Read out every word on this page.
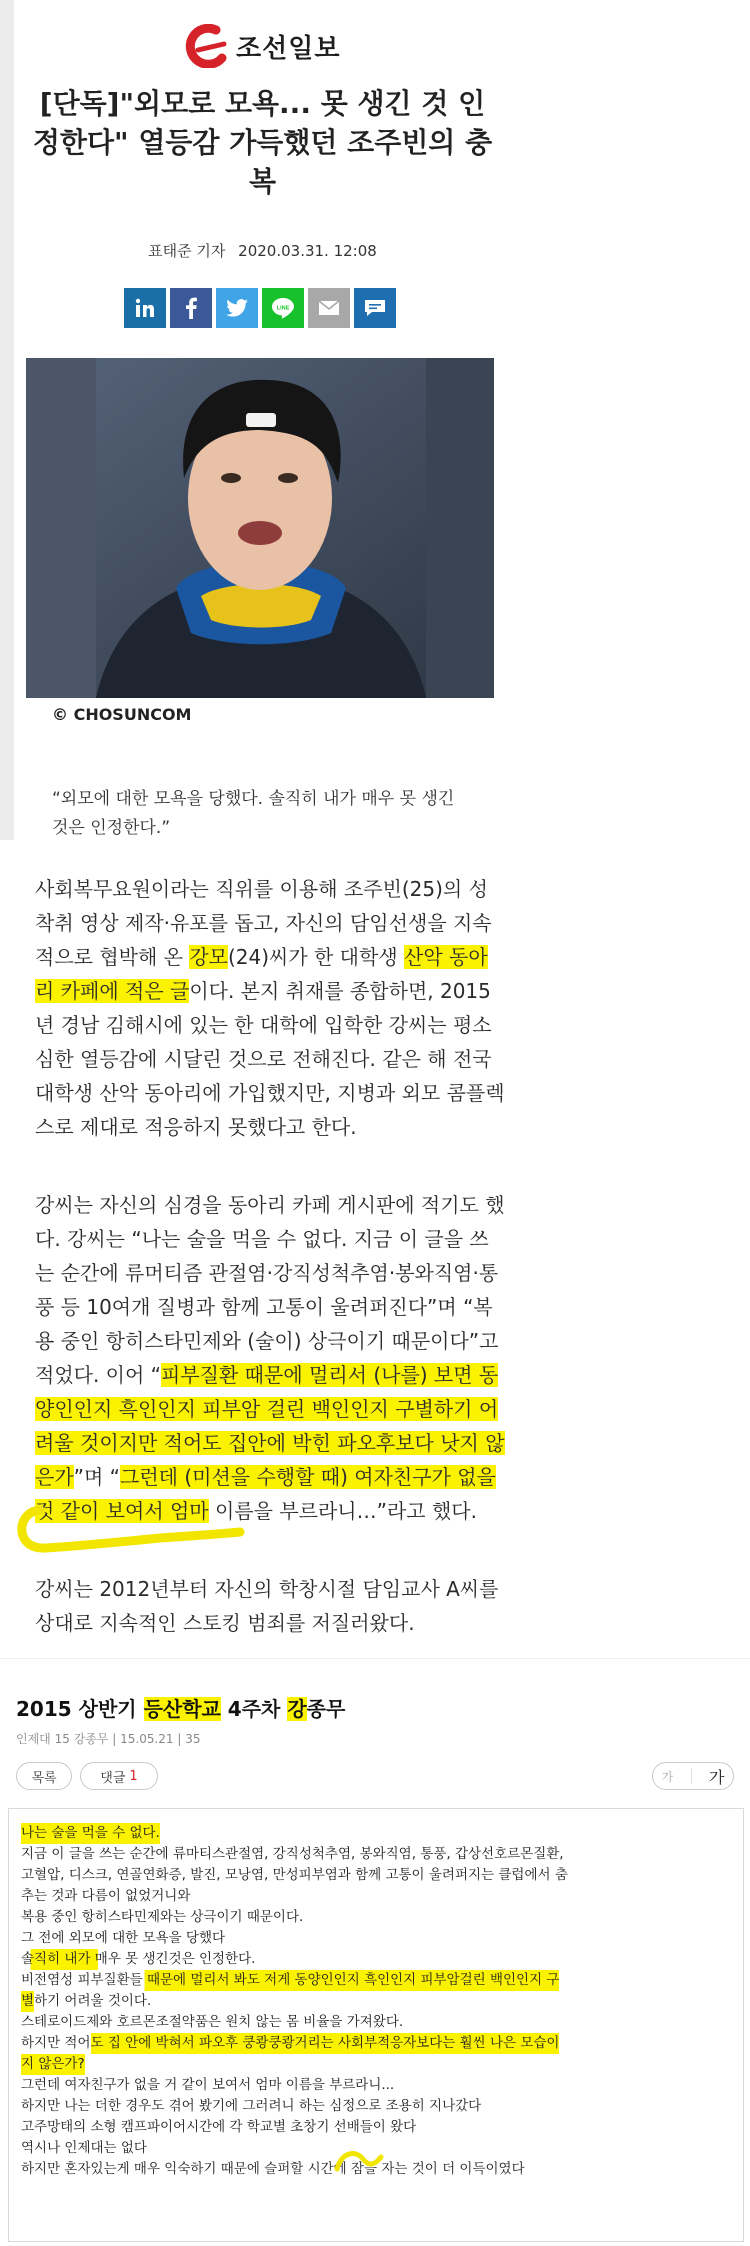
조선일보
[단독]"외모로 모욕... 못 생긴 것 인정한다" 열등감 가득했던 조주빈의 충복
표태준 기자 2020.03.31. 12:08
LINE
© CHOSUNCOM
“외모에 대한 모욕을 당했다. 솔직히 내가 매우 못 생긴 것은 인정한다.”
사회복무요원이라는 직위를 이용해 조주빈(25)의 성 착취 영상 제작·유포를 돕고, 자신의 담임선생을 지속적으로 협박해 온 강모(24)씨가 한 대학생 산악 동아리 카페에 적은 글이다. 본지 취재를 종합하면, 2015년 경남 김해시에 있는 한 대학에 입학한 강씨는 평소 심한 열등감에 시달린 것으로 전해진다. 같은 해 전국 대학생 산악 동아리에 가입했지만, 지병과 외모 콤플렉스로 제대로 적응하지 못했다고 한다.
강씨는 자신의 심경을 동아리 카페 게시판에 적기도 했다. 강씨는 “나는 술을 먹을 수 없다. 지금 이 글을 쓰는 순간에 류머티즘 관절염·강직성척추염·봉와직염·통풍 등 10여개 질병과 함께 고통이 울려퍼진다”며 “복용 중인 항히스타민제와 (술이) 상극이기 때문이다”고 적었다. 이어 “피부질환 때문에 멀리서 (나를) 보면 동양인인지 흑인인지 피부암 걸린 백인인지 구별하기 어려울 것이지만 적어도 집안에 박힌 파오후보다 낫지 않은가”며 “그런데 (미션을 수행할 때) 여자친구가 없을 것 같이 보여서 엄마 이름을 부르라니…”라고 했다.
강씨는 2012년부터 자신의 학창시절 담임교사 A씨를 상대로 지속적인 스토킹 범죄를 저질러왔다.
2015 상반기 등산학교 4주차 강종무
인제대 15 강종무 | 15.05.21 | 35
목록	댓글 1	가 가
나는 술을 먹을 수 없다.
지금 이 글을 쓰는 순간에 류마티스관절염, 강직성척추염, 봉와직염, 통풍, 갑상선호르몬질환,
고혈압, 디스크, 연골연화증, 발진, 모낭염, 만성피부염과 함께 고통이 울려퍼지는 클럽에서 춤
추는 것과 다름이 없었거니와
복용 중인 항히스타민제와는 상극이기 때문이다.
그 전에 외모에 대한 모욕을 당했다
솔직히 내가 매우 못 생긴것은 인정한다.
비전염성 피부질환들 때문에 멀리서 봐도 저게 동양인인지 흑인인지 피부암걸린 백인인지 구
별하기 어려울 것이다.
스테로이드제와 호르몬조절약품은 원치 않는 몸 비율을 가져왔다.
하지만 적어도 집 안에 박혀서 파오후 쿵쾅쿵쾅거리는 사회부적응자보다는 훨씬 나은 모습이
지 않은가?
그런데 여자친구가 없을 거 같이 보여서 엄마 이름을 부르라니...
하지만 나는 더한 경우도 겪어 봤기에 그러려니 하는 심정으로 조용히 지나갔다
고주망태의 소형 캠프파이어시간에 각 학교별 초창기 선배들이 왔다
역시나 인제대는 없다
하지만 혼자있는게 매우 익숙하기 때문에 슬퍼할 시간에 잠을 자는 것이 더 이득이였다
